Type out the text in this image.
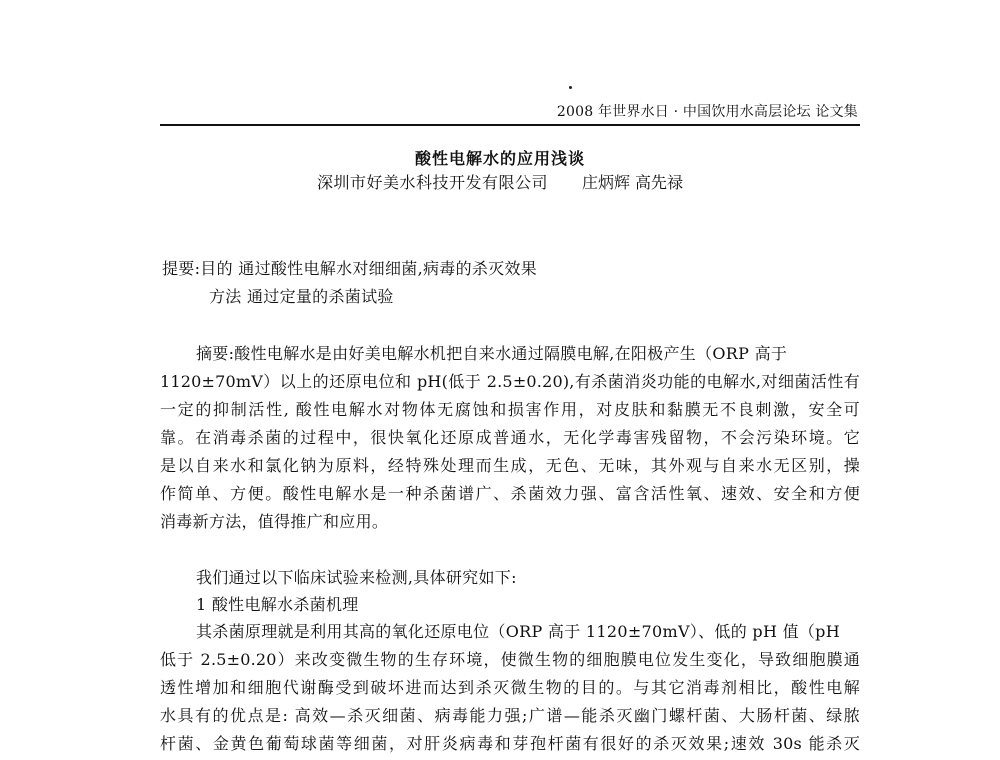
2008 年世界水日 · 中国饮用水高层论坛 论文集
酸性电解水的应用浅谈
深圳市好美水科技开发有限公司 庄炳辉 高先禄
提要:目的 通过酸性电解水对细细菌,病毒的杀灭效果
方法 通过定量的杀菌试验
摘要:酸性电解水是由好美电解水机把自来水通过隔膜电解,在阳极产生（ORP 高于
1120±70mV）以上的还原电位和 pH(低于 2.5±0.20),有杀菌消炎功能的电解水,对细菌活性有
一定的抑制活性, 酸性电解水对物体无腐蚀和损害作用，对皮肤和黏膜无不良刺激，安全可
靠。在消毒杀菌的过程中，很快氧化还原成普通水，无化学毒害残留物，不会污染环境。它
是以自来水和氯化钠为原料，经特殊处理而生成，无色、无味，其外观与自来水无区别，操
作简单、方便。酸性电解水是一种杀菌谱广、杀菌效力强、富含活性氧、速效、安全和方便
消毒新方法，值得推广和应用。
我们通过以下临床试验来检测,具体研究如下:
1 酸性电解水杀菌机理
其杀菌原理就是利用其高的氧化还原电位（ORP 高于 1120±70mV）、低的 pH 值（pH
低于 2.5±0.20）来改变微生物的生存环境，使微生物的细胞膜电位发生变化，导致细胞膜通
透性增加和细胞代谢酶受到破坏进而达到杀灭微生物的目的。与其它消毒剂相比，酸性电解
水具有的优点是: 高效—杀灭细菌、病毒能力强;广谱—能杀灭幽门螺杆菌、大肠杆菌、绿脓
杆菌、金黄色葡萄球菌等细菌，对肝炎病毒和芽孢杆菌有很好的杀灭效果;速效 30s 能杀灭
